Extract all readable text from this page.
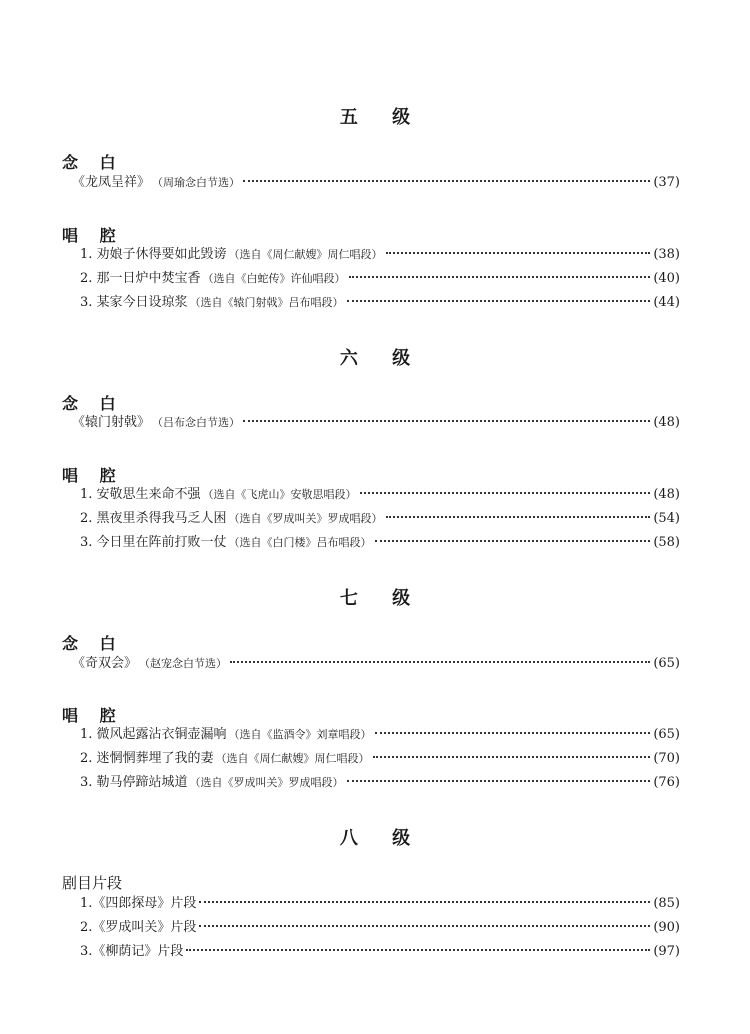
五 级
念 白
《龙凤呈祥》 （周瑜念白节选）	(37)
唱 腔
1. 劝娘子休得要如此毁谤 （选自《周仁献嫂》周仁唱段）	(38)
2. 那一日炉中焚宝香 （选自《白蛇传》许仙唱段）	(40)
3. 某家今日设琼浆 （选自《辕门射戟》吕布唱段）	(44)
六 级
念 白
《辕门射戟》 （吕布念白节选）	(48)
唱 腔
1. 安敬思生来命不强 （选自《飞虎山》安敬思唱段）	(48)
2. 黑夜里杀得我马乏人困 （选自《罗成叫关》罗成唱段）	(54)
3. 今日里在阵前打败一仗 （选自《白门楼》吕布唱段）	(58)
七 级
念 白
《奇双会》 （赵宠念白节选）	(65)
唱 腔
1. 微风起露沾衣铜壶漏响 （选自《监酒令》刘章唱段）	(65)
2. 迷惘惘葬埋了我的妻 （选自《周仁献嫂》周仁唱段）	(70)
3. 勒马停蹄站城道 （选自《罗成叫关》罗成唱段）	(76)
八 级
剧目片段
1.《四郎探母》片段	(85)
2.《罗成叫关》片段	(90)
3.《柳荫记》片段	(97)
